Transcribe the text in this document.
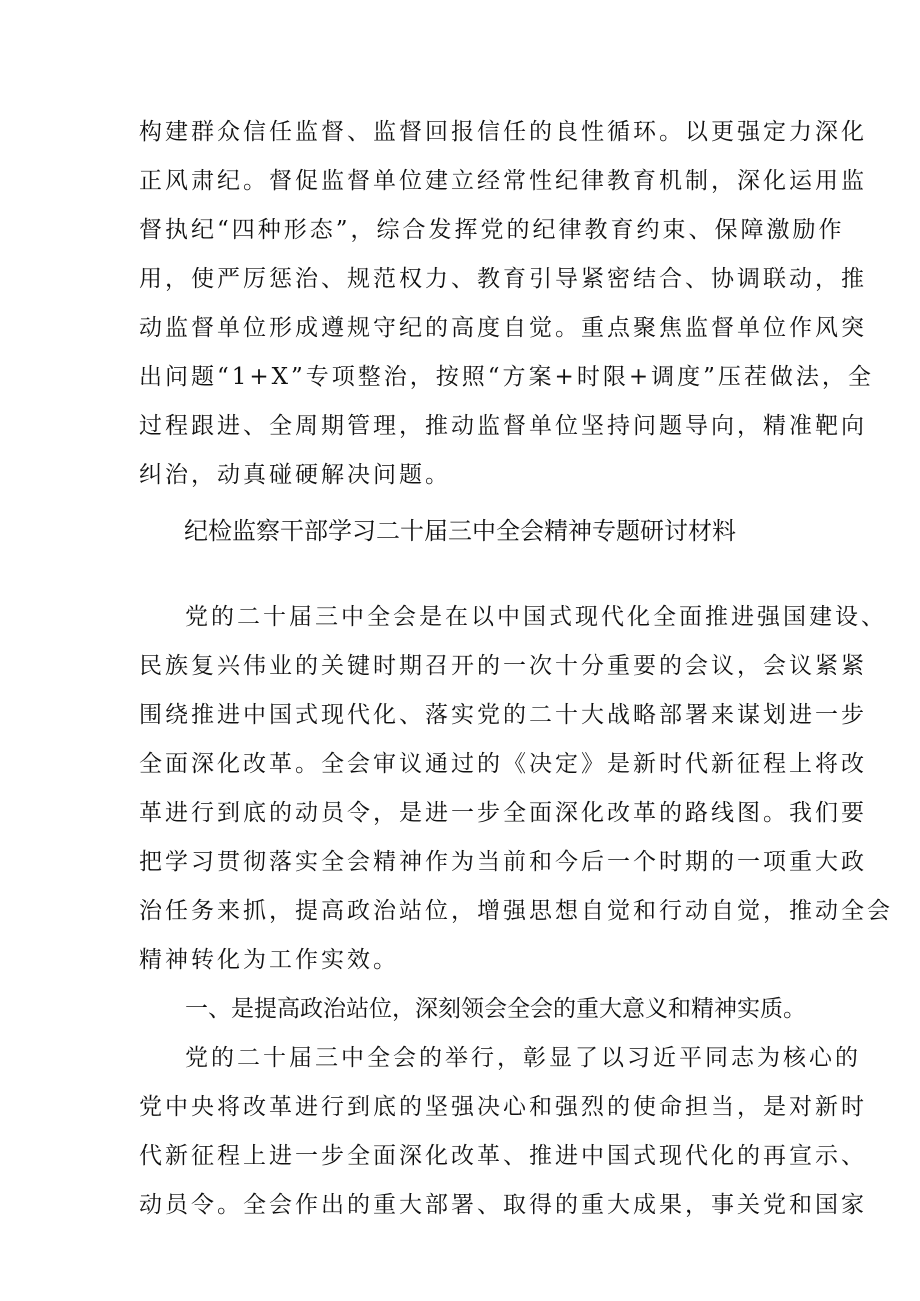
构建群众信任监督、监督回报信任的良性循环。以更强定力深化
正风肃纪。督促监督单位建立经常性纪律教育机制，深化运用监
督执纪“四种形态”，综合发挥党的纪律教育约束、保障激励作
用，使严厉惩治、规范权力、教育引导紧密结合、协调联动，推
动监督单位形成遵规守纪的高度自觉。重点聚焦监督单位作风突
出问题“1+X”专项整治，按照“方案+时限+调度”压茬做法，全
过程跟进、全周期管理，推动监督单位坚持问题导向，精准靶向
纠治，动真碰硬解决问题。
纪检监察干部学习二十届三中全会精神专题研讨材料
党的二十届三中全会是在以中国式现代化全面推进强国建设、
民族复兴伟业的关键时期召开的一次十分重要的会议，会议紧紧
围绕推进中国式现代化、落实党的二十大战略部署来谋划进一步
全面深化改革。全会审议通过的《决定》是新时代新征程上将改
革进行到底的动员令，是进一步全面深化改革的路线图。我们要
把学习贯彻落实全会精神作为当前和今后一个时期的一项重大政
治任务来抓，提高政治站位，增强思想自觉和行动自觉，推动全会
精神转化为工作实效。
一、是提高政治站位，深刻领会全会的重大意义和精神实质。
党的二十届三中全会的举行，彰显了以习近平同志为核心的
党中央将改革进行到底的坚强决心和强烈的使命担当，是对新时
代新征程上进一步全面深化改革、推进中国式现代化的再宣示、
动员令。全会作出的重大部署、取得的重大成果，事关党和国家
